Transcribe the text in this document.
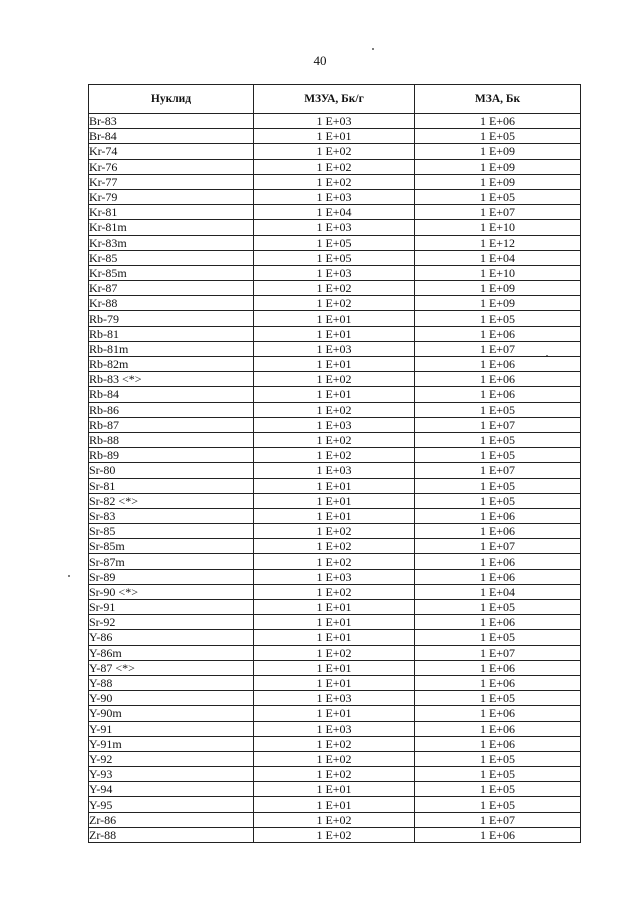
40
Нуклид	МЗУА, Бк/г	МЗА, Бк
Br-83	1 E+03	1 E+06
Br-84	1 E+01	1 E+05
Kr-74	1 E+02	1 E+09
Kr-76	1 E+02	1 E+09
Kr-77	1 E+02	1 E+09
Kr-79	1 E+03	1 E+05
Kr-81	1 E+04	1 E+07
Kr-81m	1 E+03	1 E+10
Kr-83m	1 E+05	1 E+12
Kr-85	1 E+05	1 E+04
Kr-85m	1 E+03	1 E+10
Kr-87	1 E+02	1 E+09
Kr-88	1 E+02	1 E+09
Rb-79	1 E+01	1 E+05
Rb-81	1 E+01	1 E+06
Rb-81m	1 E+03	1 E+07
Rb-82m	1 E+01	1 E+06
Rb-83 <*>	1 E+02	1 E+06
Rb-84	1 E+01	1 E+06
Rb-86	1 E+02	1 E+05
Rb-87	1 E+03	1 E+07
Rb-88	1 E+02	1 E+05
Rb-89	1 E+02	1 E+05
Sr-80	1 E+03	1 E+07
Sr-81	1 E+01	1 E+05
Sr-82 <*>	1 E+01	1 E+05
Sr-83	1 E+01	1 E+06
Sr-85	1 E+02	1 E+06
Sr-85m	1 E+02	1 E+07
Sr-87m	1 E+02	1 E+06
Sr-89	1 E+03	1 E+06
Sr-90 <*>	1 E+02	1 E+04
Sr-91	1 E+01	1 E+05
Sr-92	1 E+01	1 E+06
Y-86	1 E+01	1 E+05
Y-86m	1 E+02	1 E+07
Y-87 <*>	1 E+01	1 E+06
Y-88	1 E+01	1 E+06
Y-90	1 E+03	1 E+05
Y-90m	1 E+01	1 E+06
Y-91	1 E+03	1 E+06
Y-91m	1 E+02	1 E+06
Y-92	1 E+02	1 E+05
Y-93	1 E+02	1 E+05
Y-94	1 E+01	1 E+05
Y-95	1 E+01	1 E+05
Zr-86	1 E+02	1 E+07
Zr-88	1 E+02	1 E+06
